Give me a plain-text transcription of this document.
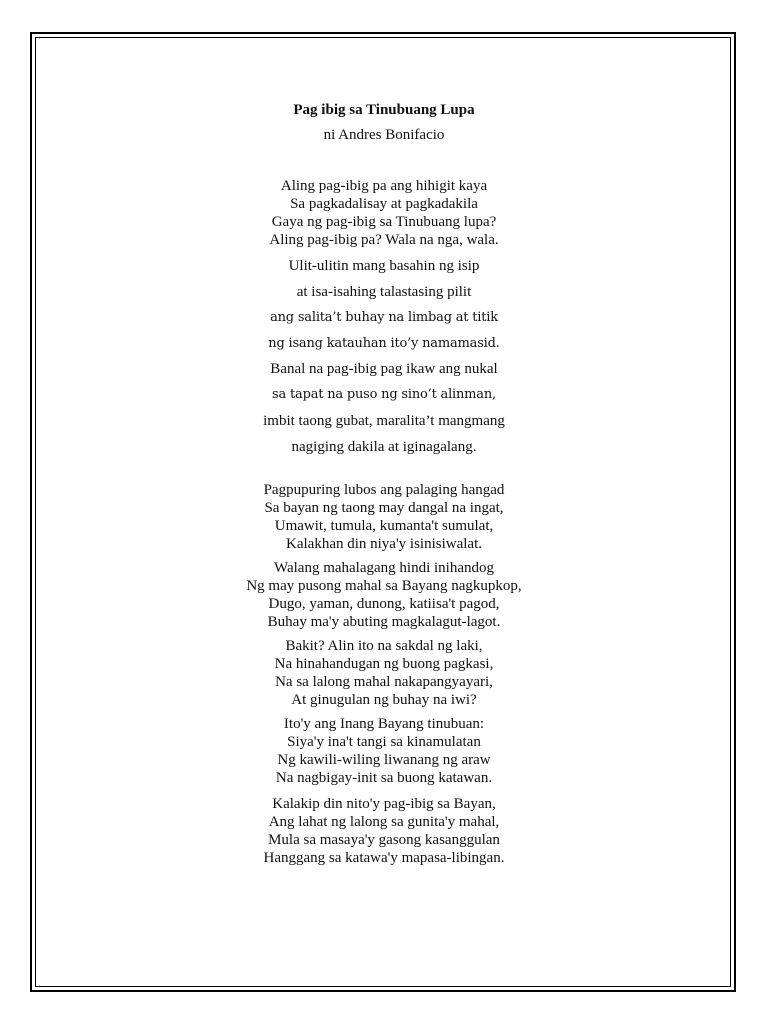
Pag ibig sa Tinubuang Lupa
ni Andres Bonifacio
Aling pag-ibig pa ang hihigit kaya
Sa pagkadalisay at pagkadakila
Gaya ng pag-ibig sa Tinubuang lupa?
Aling pag-ibig pa? Wala na nga, wala.
Ulit-ulitin mang basahin ng isip
at isa-isahing talastasing pilit
ang salita’t buhay na limbag at titik
ng isang katauhan ito’y namamasid.
Banal na pag-ibig pag ikaw ang nukal
sa tapat na puso ng sino’t alinman,
imbit taong gubat, maralita’t mangmang
nagiging dakila at iginagalang.
Pagpupuring lubos ang palaging hangad
Sa bayan ng taong may dangal na ingat,
Umawit, tumula, kumanta't sumulat,
Kalakhan din niya'y isinisiwalat.
Walang mahalagang hindi inihandog
Ng may pusong mahal sa Bayang nagkupkop,
Dugo, yaman, dunong, katiisa't pagod,
Buhay ma'y abuting magkalagut-lagot.
Bakit? Alin ito na sakdal ng laki,
Na hinahandugan ng buong pagkasi,
Na sa lalong mahal nakapangyayari,
At ginugulan ng buhay na iwi?
Ito'y ang Inang Bayang tinubuan:
Siya'y ina't tangi sa kinamulatan
Ng kawili-wiling liwanang ng araw
Na nagbigay-init sa buong katawan.
Kalakip din nito'y pag-ibig sa Bayan,
Ang lahat ng lalong sa gunita'y mahal,
Mula sa masaya'y gasong kasanggulan
Hanggang sa katawa'y mapasa-libingan.
